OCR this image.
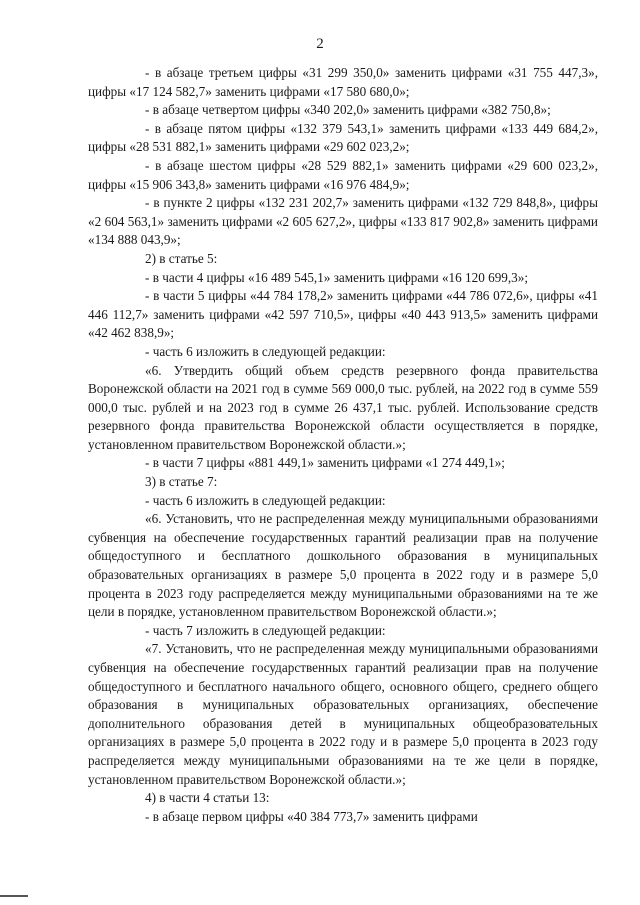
2

- в абзаце третьем цифры «31 299 350,0» заменить цифрами «31 755 447,3», цифры «17 124 582,7» заменить цифрами «17 580 680,0»;

- в абзаце четвертом цифры «340 202,0» заменить цифрами «382 750,8»;

- в абзаце пятом цифры «132 379 543,1» заменить цифрами «133 449 684,2», цифры «28 531 882,1» заменить цифрами «29 602 023,2»;

- в абзаце шестом цифры «28 529 882,1» заменить цифрами «29 600 023,2», цифры «15 906 343,8» заменить цифрами «16 976 484,9»;

- в пункте 2 цифры «132 231 202,7» заменить цифрами «132 729 848,8», цифры «2 604 563,1» заменить цифрами «2 605 627,2», цифры «133 817 902,8» заменить цифрами «134 888 043,9»;

2) в статье 5:

- в части 4 цифры «16 489 545,1» заменить цифрами «16 120 699,3»;

- в части 5 цифры «44 784 178,2» заменить цифрами «44 786 072,6», цифры «41 446 112,7» заменить цифрами «42 597 710,5», цифры «40 443 913,5» заменить цифрами «42 462 838,9»;

- часть 6 изложить в следующей редакции:

«6. Утвердить общий объем средств резервного фонда правительства Воронежской области на 2021 год в сумме 569 000,0 тыс. рублей, на 2022 год в сумме 559 000,0 тыс. рублей и на 2023 год в сумме 26 437,1 тыс. рублей. Использование средств резервного фонда правительства Воронежской области осуществляется в порядке, установленном правительством Воронежской области.»;

- в части 7 цифры «881 449,1» заменить цифрами «1 274 449,1»;

3) в статье 7:

- часть 6 изложить в следующей редакции:

«6. Установить, что не распределенная между муниципальными образованиями субвенция на обеспечение государственных гарантий реализации прав на получение общедоступного и бесплатного дошкольного образования в муниципальных образовательных организациях в размере 5,0 процента в 2022 году и в размере 5,0 процента в 2023 году распределяется между муниципальными образованиями на те же цели в порядке, установленном правительством Воронежской области.»;

- часть 7 изложить в следующей редакции:

«7. Установить, что не распределенная между муниципальными образованиями субвенция на обеспечение государственных гарантий реализации прав на получение общедоступного и бесплатного начального общего, основного общего, среднего общего образования в муниципальных образовательных организациях, обеспечение дополнительного образования детей в муниципальных общеобразовательных организациях в размере 5,0 процента в 2022 году и в размере 5,0 процента в 2023 году распределяется между муниципальными образованиями на те же цели в порядке, установленном правительством Воронежской области.»;

4) в части 4 статьи 13:

- в абзаце первом цифры «40 384 773,7» заменить цифрами
